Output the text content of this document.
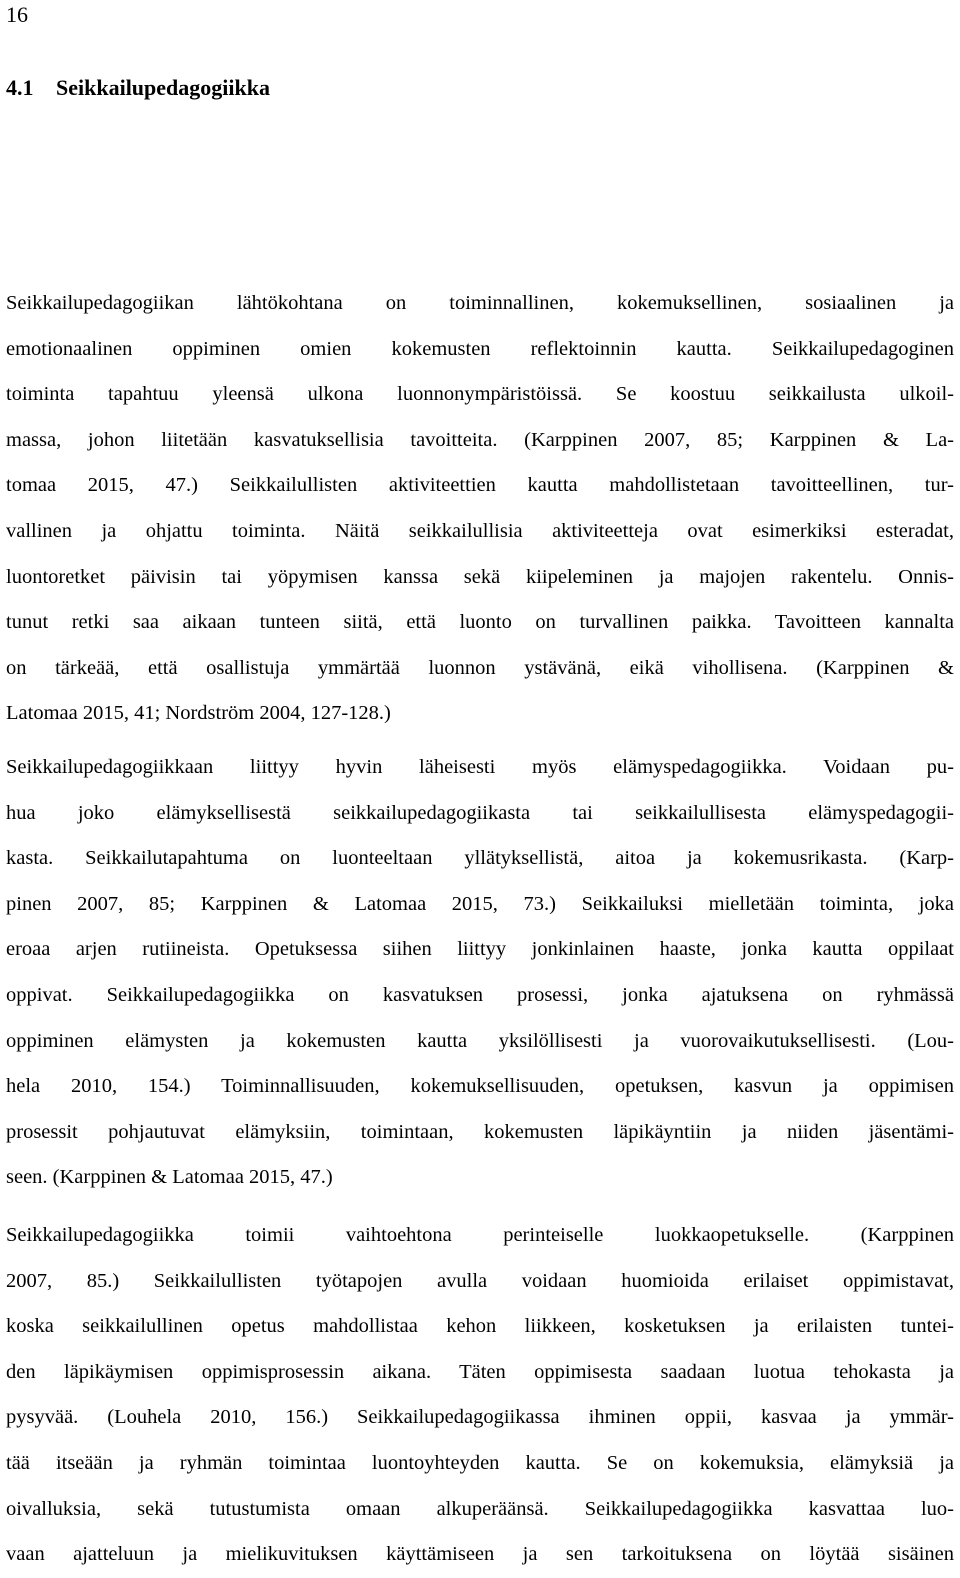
16
4.1 Seikkailupedagogiikka
Seikkailupedagogiikan lähtökohtana on toiminnallinen, kokemuksellinen, sosiaalinen ja
emotionaalinen oppiminen omien kokemusten reflektoinnin kautta. Seikkailupedagoginen
toiminta tapahtuu yleensä ulkona luonnonympäristöissä. Se koostuu seikkailusta ulkoil-
massa, johon liitetään kasvatuksellisia tavoitteita. (Karppinen 2007, 85; Karppinen & La-
tomaa 2015, 47.) Seikkailullisten aktiviteettien kautta mahdollistetaan tavoitteellinen, tur-
vallinen ja ohjattu toiminta. Näitä seikkailullisia aktiviteetteja ovat esimerkiksi esteradat,
luontoretket päivisin tai yöpymisen kanssa sekä kiipeleminen ja majojen rakentelu. Onnis-
tunut retki saa aikaan tunteen siitä, että luonto on turvallinen paikka. Tavoitteen kannalta
on tärkeää, että osallistuja ymmärtää luonnon ystävänä, eikä vihollisena. (Karppinen &
Latomaa 2015, 41; Nordström 2004, 127-128.)
Seikkailupedagogiikkaan liittyy hyvin läheisesti myös elämyspedagogiikka. Voidaan pu-
hua joko elämyksellisestä seikkailupedagogiikasta tai seikkailullisesta elämyspedagogii-
kasta. Seikkailutapahtuma on luonteeltaan yllätyksellistä, aitoa ja kokemusrikasta. (Karp-
pinen 2007, 85; Karppinen & Latomaa 2015, 73.) Seikkailuksi mielletään toiminta, joka
eroaa arjen rutiineista. Opetuksessa siihen liittyy jonkinlainen haaste, jonka kautta oppilaat
oppivat. Seikkailupedagogiikka on kasvatuksen prosessi, jonka ajatuksena on ryhmässä
oppiminen elämysten ja kokemusten kautta yksilöllisesti ja vuorovaikutuksellisesti. (Lou-
hela 2010, 154.) Toiminnallisuuden, kokemuksellisuuden, opetuksen, kasvun ja oppimisen
prosessit pohjautuvat elämyksiin, toimintaan, kokemusten läpikäyntiin ja niiden jäsentämi-
seen. (Karppinen & Latomaa 2015, 47.)
Seikkailupedagogiikka toimii vaihtoehtona perinteiselle luokkaopetukselle. (Karppinen
2007, 85.) Seikkailullisten työtapojen avulla voidaan huomioida erilaiset oppimistavat,
koska seikkailullinen opetus mahdollistaa kehon liikkeen, kosketuksen ja erilaisten tuntei-
den läpikäymisen oppimisprosessin aikana. Täten oppimisesta saadaan luotua tehokasta ja
pysyvää. (Louhela 2010, 156.) Seikkailupedagogiikassa ihminen oppii, kasvaa ja ymmär-
tää itseään ja ryhmän toimintaa luontoyhteyden kautta. Se on kokemuksia, elämyksiä ja
oivalluksia, sekä tutustumista omaan alkuperäänsä. Seikkailupedagogiikka kasvattaa luo-
vaan ajatteluun ja mielikuvituksen käyttämiseen ja sen tarkoituksena on löytää sisäinen
